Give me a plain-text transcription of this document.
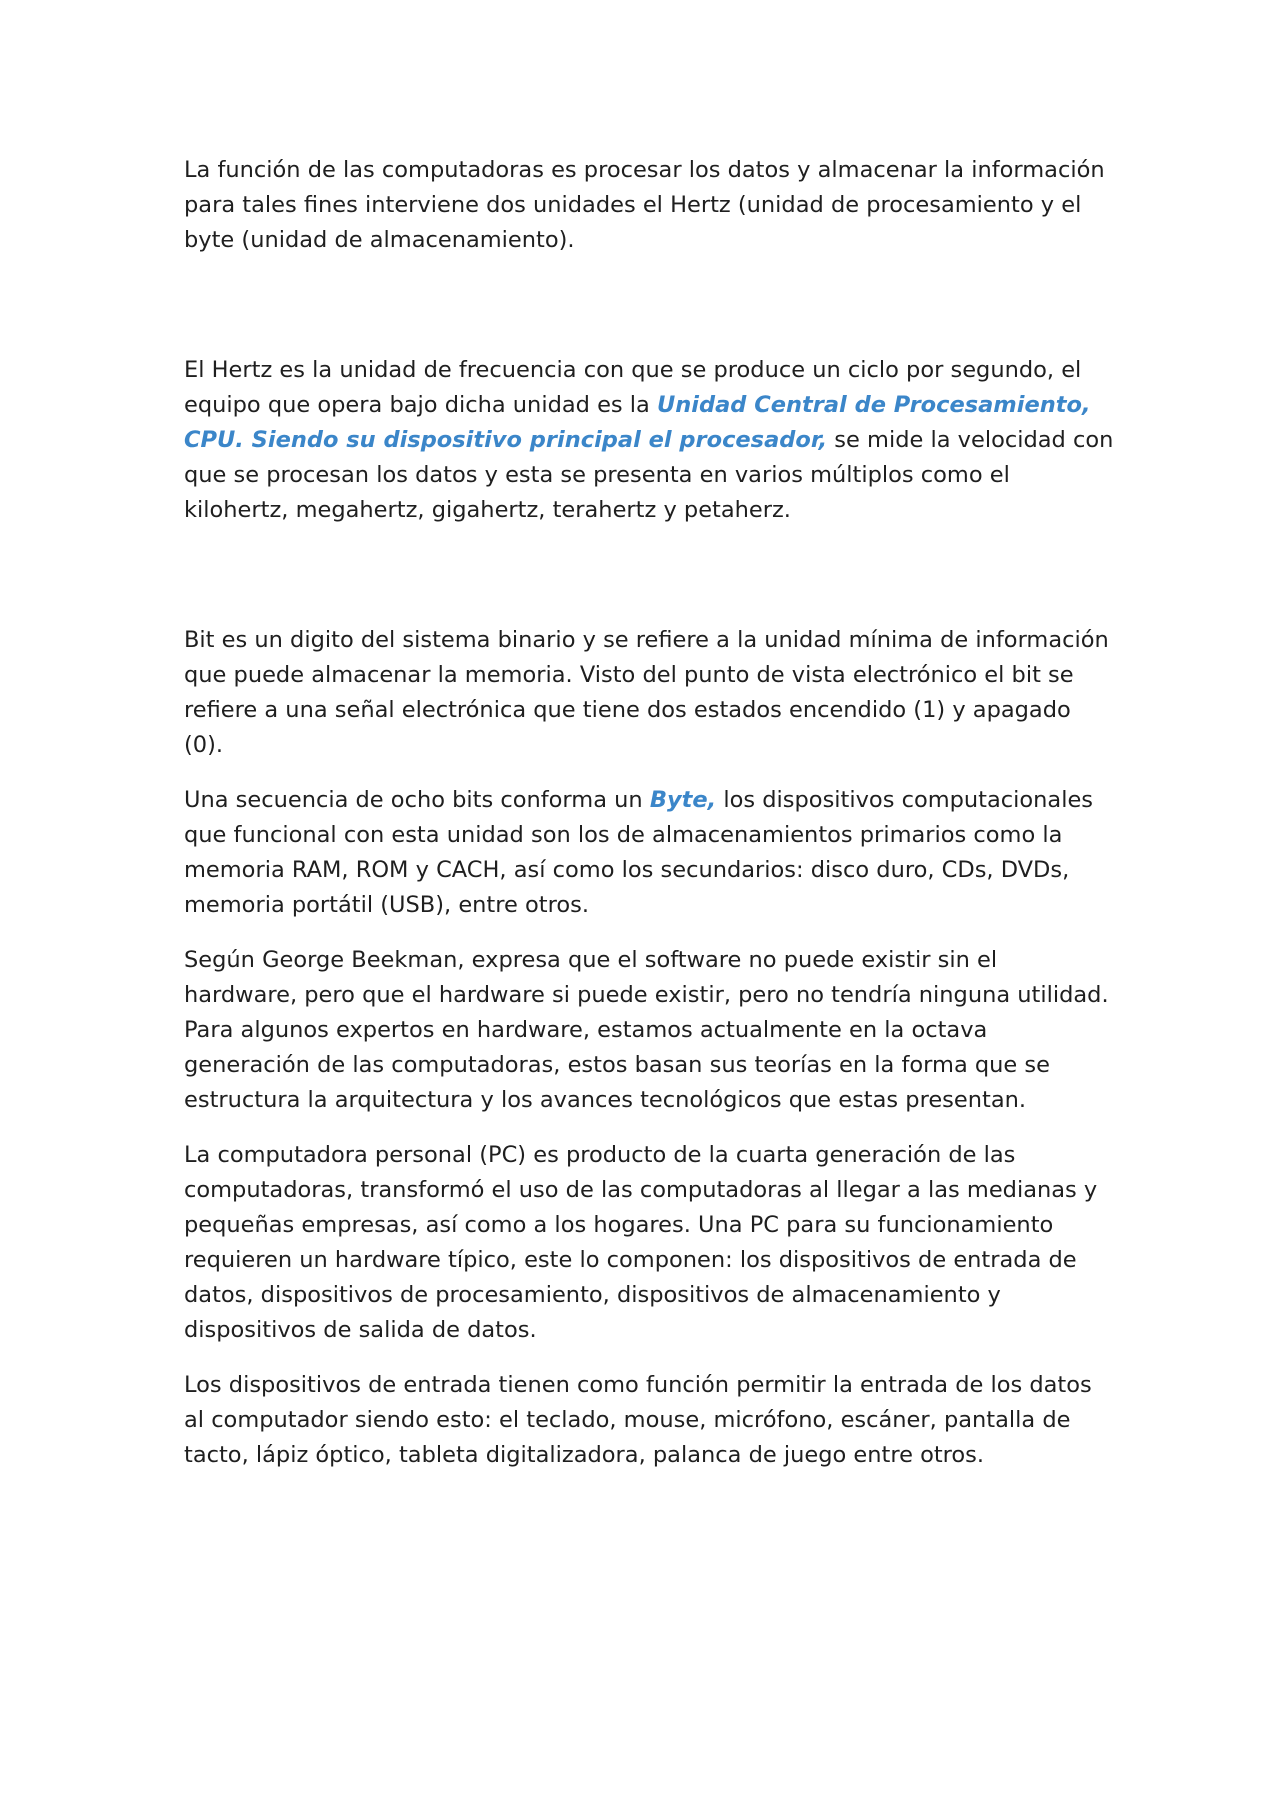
La función de las computadoras es procesar los datos y almacenar la información para tales fines interviene dos unidades el Hertz (unidad de procesamiento y el byte (unidad de almacenamiento).

El Hertz es la unidad de frecuencia con que se produce un ciclo por segundo, el equipo que opera bajo dicha unidad es la Unidad Central de Procesamiento, CPU. Siendo su dispositivo principal el procesador, se mide la velocidad con que se procesan los datos y esta se presenta en varios múltiplos como el kilohertz, megahertz, gigahertz, terahertz y petaherz.

Bit es un digito del sistema binario y se refiere a la unidad mínima de información que puede almacenar la memoria. Visto del punto de vista electrónico el bit se refiere a una señal electrónica que tiene dos estados encendido (1) y apagado (0).

Una secuencia de ocho bits conforma un Byte, los dispositivos computacionales que funcional con esta unidad son los de almacenamientos primarios como la memoria RAM, ROM y CACH, así como los secundarios: disco duro, CDs, DVDs, memoria portátil (USB), entre otros.

Según George Beekman, expresa que el software no puede existir sin el hardware, pero que el hardware si puede existir, pero no tendría ninguna utilidad. Para algunos expertos en hardware, estamos actualmente en la octava generación de las computadoras, estos basan sus teorías en la forma que se estructura la arquitectura y los avances tecnológicos que estas presentan.

La computadora personal (PC) es producto de la cuarta generación de las computadoras, transformó el uso de las computadoras al llegar a las medianas y pequeñas empresas, así como a los hogares. Una PC para su funcionamiento requieren un hardware típico, este lo componen: los dispositivos de entrada de datos, dispositivos de procesamiento, dispositivos de almacenamiento y dispositivos de salida de datos.

Los dispositivos de entrada tienen como función permitir la entrada de los datos al computador siendo esto: el teclado, mouse, micrófono, escáner, pantalla de tacto, lápiz óptico, tableta digitalizadora, palanca de juego entre otros.
